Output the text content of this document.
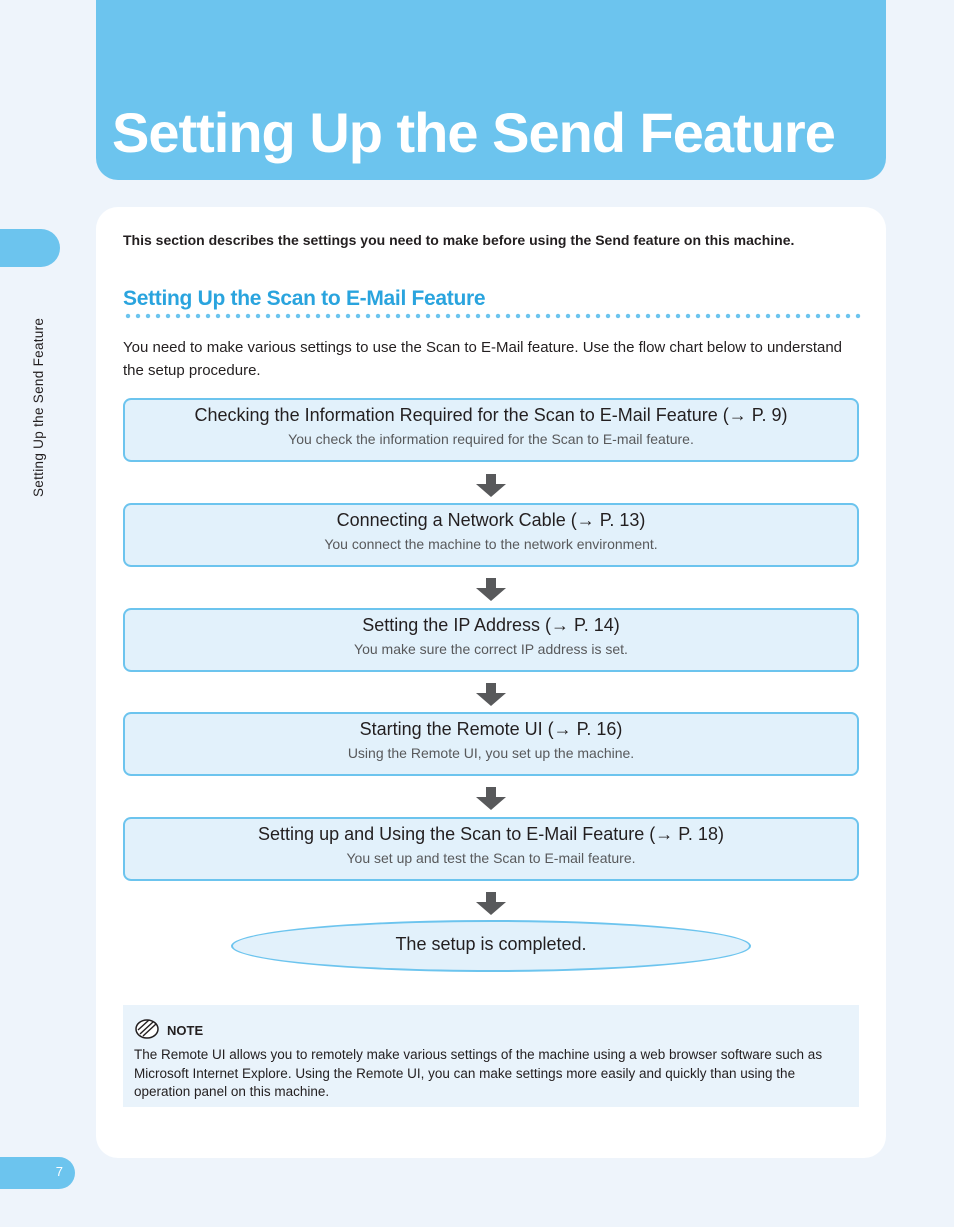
Setting Up the Send Feature
Setting Up the Send Feature

This section describes the settings you need to make before using the Send feature on this machine.

Setting Up the Scan to E-Mail Feature

You need to make various settings to use the Scan to E-Mail feature. Use the flow chart below to understand the setup procedure.

Checking the Information Required for the Scan to E-Mail Feature (→ P. 9)
You check the information required for the Scan to E-mail feature.
Connecting a Network Cable (→ P. 13)
You connect the machine to the network environment.
Setting the IP Address (→ P. 14)
You make sure the correct IP address is set.
Starting the Remote UI (→ P. 16)
Using the Remote UI, you set up the machine.
Setting up and Using the Scan to E-Mail Feature (→ P. 18)
You set up and test the Scan to E-mail feature.
The setup is completed.
NOTE

The Remote UI allows you to remotely make various settings of the machine using a web browser software such as Microsoft Internet Explore. Using the Remote UI, you can make settings more easily and quickly than using the operation panel on this machine.

7
